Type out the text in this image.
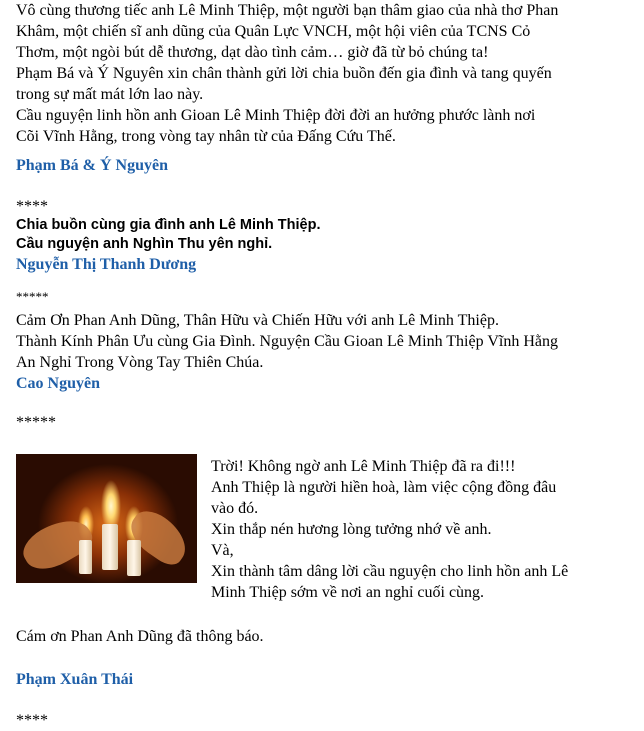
Vô cùng thương tiếc anh Lê Minh Thiệp, một người bạn thâm giao của nhà thơ Phan

Khâm, một chiến sĩ anh dũng của Quân Lực VNCH, một hội viên của TCNS Cỏ

Thơm, một ngòi bút dễ thương, dạt dào tình cảm… giờ đã từ bỏ chúng ta!

Phạm Bá và Ý Nguyên xin chân thành gửi lời chia buồn đến gia đình và tang quyến

trong sự mất mát lớn lao này.

Cầu nguyện linh hồn anh Gioan Lê Minh Thiệp đời đời an hưởng phước lành nơi

Cõi Vĩnh Hằng, trong vòng tay nhân từ của Đấng Cứu Thế.

Phạm Bá & Ý Nguyên

****

Chia buồn cùng gia đình anh Lê Minh Thiệp.

Cầu nguyện anh Nghìn Thu yên nghỉ.

Nguyễn Thị Thanh Dương

*****

Cảm Ơn Phan Anh Dũng, Thân Hữu và Chiến Hữu với anh Lê Minh Thiệp.

Thành Kính Phân Ưu cùng Gia Đình. Nguyện Cầu Gioan Lê Minh Thiệp Vĩnh Hằng

An Nghỉ Trong Vòng Tay Thiên Chúa.

Cao Nguyên

*****

Trời! Không ngờ anh Lê Minh Thiệp đã ra đi!!!

Anh Thiệp là người hiền hoà, làm việc cộng đồng đâu

vào đó.

Xin thắp nén hương lòng tưởng nhớ về anh.

Và,

Xin thành tâm dâng lời cầu nguyện cho linh hồn anh Lê

Minh Thiệp sớm về nơi an nghỉ cuối cùng.

Cám ơn Phan Anh Dũng đã thông báo.

Phạm Xuân Thái

****
